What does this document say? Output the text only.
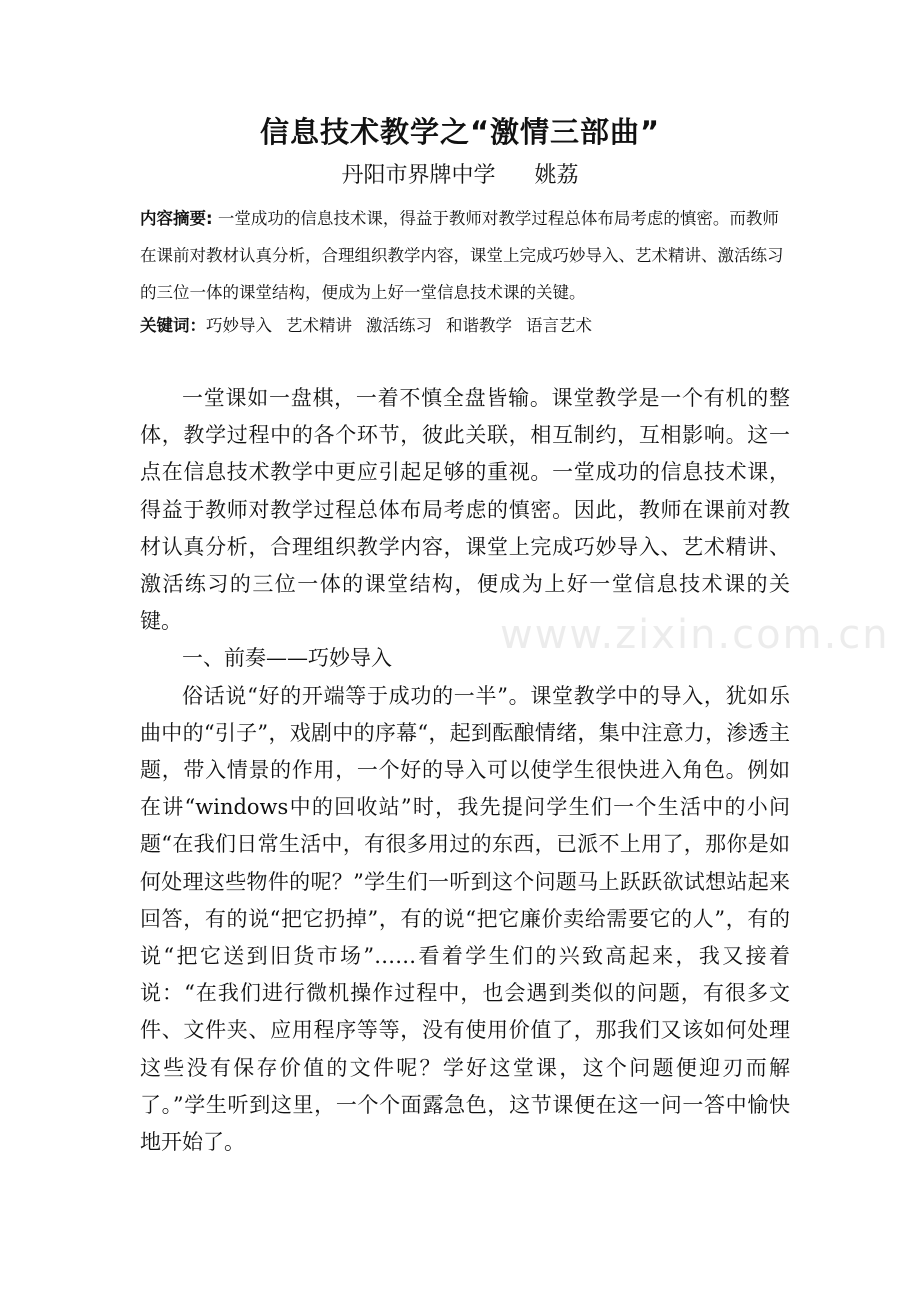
www.zixin.com.cn
信息技术教学之“激情三部曲”
丹阳市界牌中学 姚荔
内容摘要: 一堂成功的信息技术课，得益于教师对教学过程总体布局考虑的慎密。而教师在课前对教材认真分析，合理组织教学内容，课堂上完成巧妙导入、艺术精讲、激活练习的三位一体的课堂结构，便成为上好一堂信息技术课的关键。
关键词：巧妙导入 艺术精讲 激活练习 和谐教学 语言艺术

一堂课如一盘棋，一着不慎全盘皆输。课堂教学是一个有机的整体，教学过程中的各个环节，彼此关联，相互制约，互相影响。这一点在信息技术教学中更应引起足够的重视。一堂成功的信息技术课，得益于教师对教学过程总体布局考虑的慎密。因此，教师在课前对教材认真分析，合理组织教学内容，课堂上完成巧妙导入、艺术精讲、激活练习的三位一体的课堂结构，便成为上好一堂信息技术课的关键。

一、前奏——巧妙导入

俗话说“好的开端等于成功的一半”。课堂教学中的导入，犹如乐曲中的“引子”，戏剧中的序幕“，起到酝酿情绪，集中注意力，渗透主题，带入情景的作用，一个好的导入可以使学生很快进入角色。例如在讲“windows中的回收站”时，我先提问学生们一个生活中的小问题“在我们日常生活中，有很多用过的东西，已派不上用了，那你是如何处理这些物件的呢？”学生们一听到这个问题马上跃跃欲试想站起来回答，有的说“把它扔掉”，有的说“把它廉价卖给需要它的人”，有的说“把它送到旧货市场”……看着学生们的兴致高起来，我又接着说：“在我们进行微机操作过程中，也会遇到类似的问题，有很多文件、文件夹、应用程序等等，没有使用价值了，那我们又该如何处理这些没有保存价值的文件呢？学好这堂课，这个问题便迎刃而解了。”学生听到这里，一个个面露急色，这节课便在这一问一答中愉快地开始了。
